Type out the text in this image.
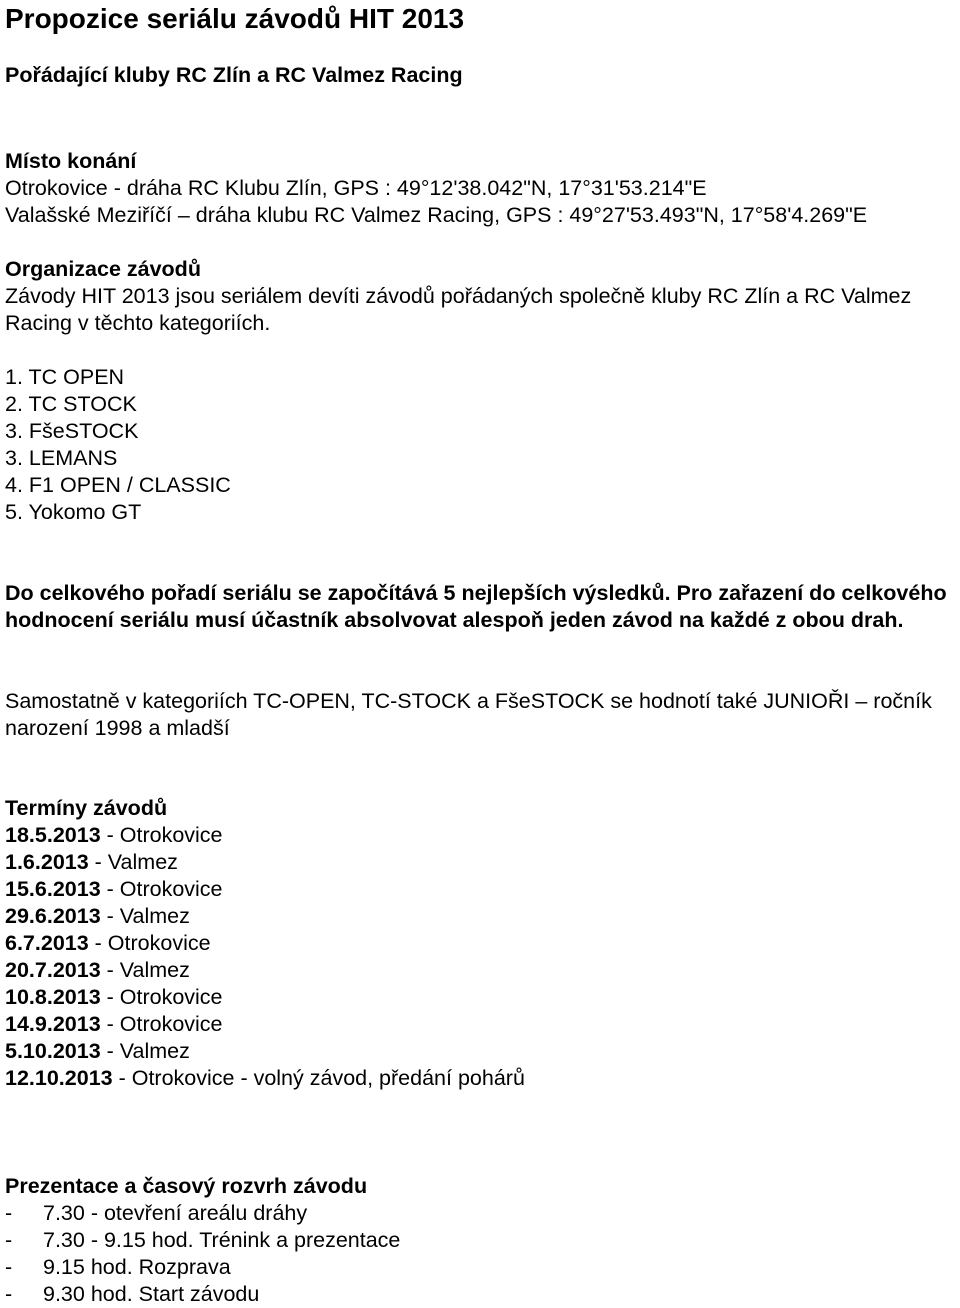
Propozice seriálu závodů HIT 2013
Pořádající kluby RC Zlín a RC Valmez Racing
Místo konání
Otrokovice - dráha RC Klubu Zlín, GPS : 49°12'38.042"N, 17°31'53.214"E
Valašské Meziříčí – dráha klubu RC Valmez Racing, GPS : 49°27'53.493"N, 17°58'4.269"E
Organizace závodů
Závody HIT 2013 jsou seriálem devíti závodů pořádaných společně kluby RC Zlín a RC Valmez Racing v těchto kategoriích.
1. TC OPEN
2. TC STOCK
3. FšeSTOCK
3. LEMANS
4. F1 OPEN / CLASSIC
5. Yokomo GT
Do celkového pořadí seriálu se započítává 5 nejlepších výsledků. Pro zařazení do celkového hodnocení seriálu musí účastník absolvovat alespoň jeden závod na každé z obou drah.
Samostatně v kategoriích TC-OPEN, TC-STOCK a FšeSTOCK se hodnotí také JUNIOŘI – ročník narození 1998 a mladší
Termíny závodů
18.5.2013 - Otrokovice
1.6.2013 - Valmez
15.6.2013 - Otrokovice
29.6.2013 - Valmez
6.7.2013 - Otrokovice
20.7.2013 - Valmez
10.8.2013 - Otrokovice
14.9.2013 - Otrokovice
5.10.2013 - Valmez
12.10.2013 - Otrokovice - volný závod, předání pohárů
Prezentace a časový rozvrh závodu
- 7.30 - otevření areálu dráhy
- 7.30 - 9.15 hod. Trénink a prezentace
- 9.15 hod. Rozprava
- 9.30 hod. Start závodu
